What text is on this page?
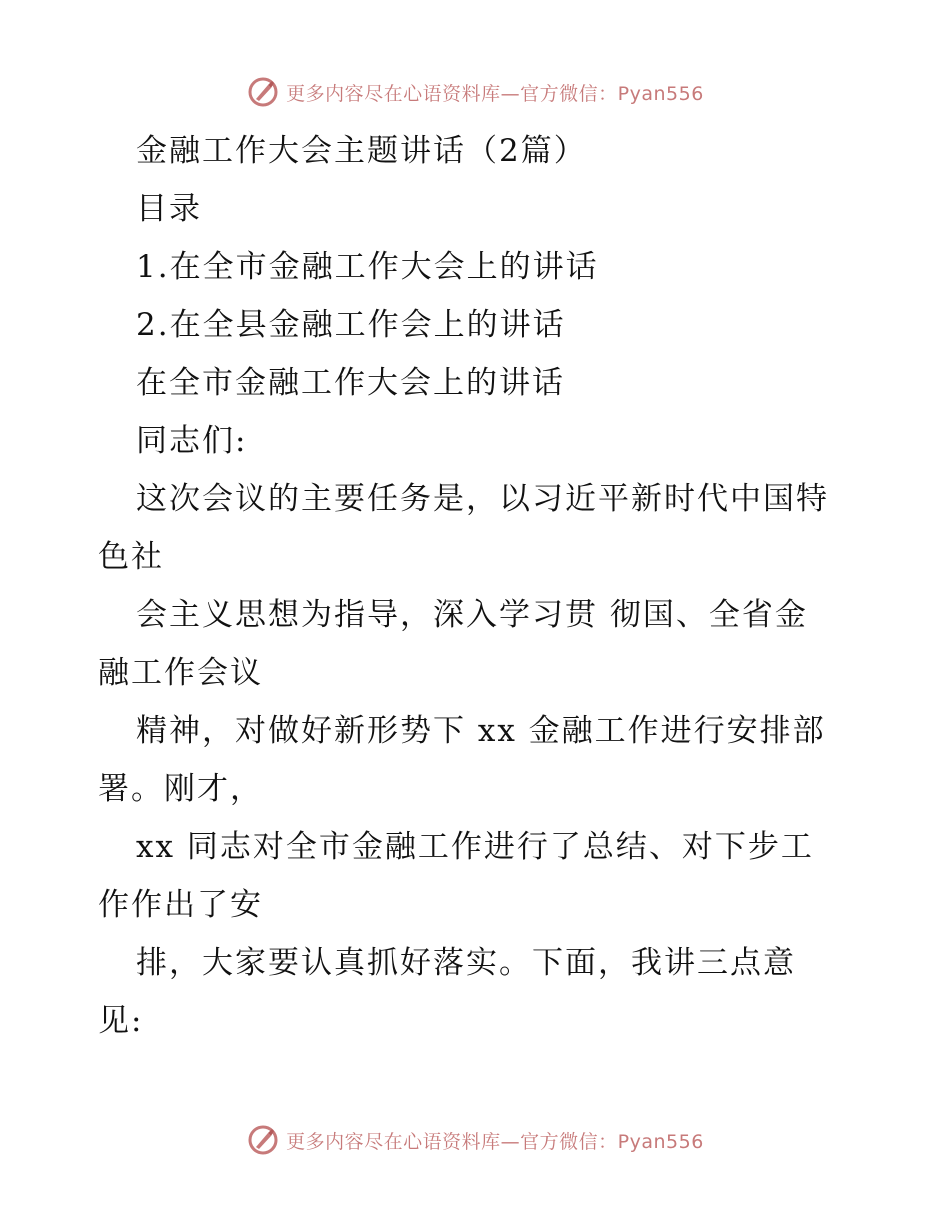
更多内容尽在心语资料库—官方微信：Pyan556
金融工作大会主题讲话（2篇）
目录
1.在全市金融工作大会上的讲话
2.在全县金融工作会上的讲话
在全市金融工作大会上的讲话
同志们:
这次会议的主要任务是，以习近平新时代中国特
色社
会主义思想为指导，深入学习贯 彻国、全省金
融工作会议
精神，对做好新形势下 xx 金融工作进行安排部
署。刚才，
xx 同志对全市金融工作进行了总结、对下步工
作作出了安
排，大家要认真抓好落实。下面，我讲三点意
见:
更多内容尽在心语资料库—官方微信：Pyan556
